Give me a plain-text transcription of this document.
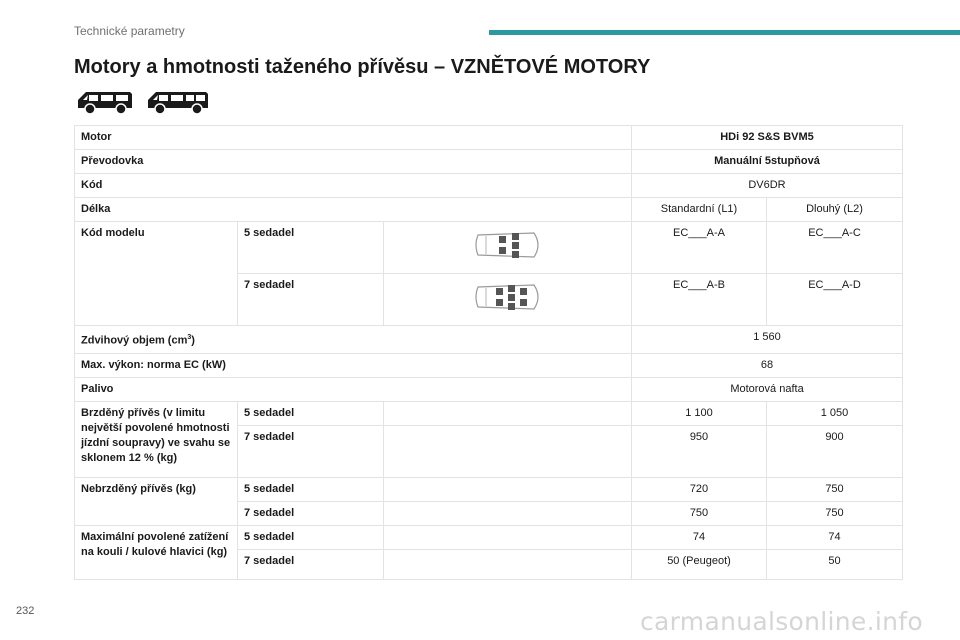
Technické parametry
Motory a hmotnosti taženého přívěsu – VZNĚTOVÉ MOTORY
Motor			HDi 92 S&S BVM5	
Převodovka			Manuální 5stupňová	
Kód			DV6DR	
Délka			Standardní (L1)	Dlouhý (L2)
Kód modelu	5 sedadel		EC___A-A	EC___A-C
	7 sedadel		EC___A-B	EC___A-D
Zdvihový objem $(cm^3)$			1 560	
Max. výkon: norma EC (kW)			68	
Palivo			Motorová nafta	
Brzděný přívěs (v limitu největší povolené hmotnosti jízdní soupravy) ve svahu se sklonem 12 % (kg)	5 sedadel		1 100	1 050
	7 sedadel		950	900
Nebrzděný přívěs (kg)	5 sedadel		720	750
	7 sedadel		750	750
Maximální povolené zatížení na kouli / kulové hlavici (kg)	5 sedadel		74	74
	7 sedadel		50 (Peugeot)	50
232	carmanualsonline.info
